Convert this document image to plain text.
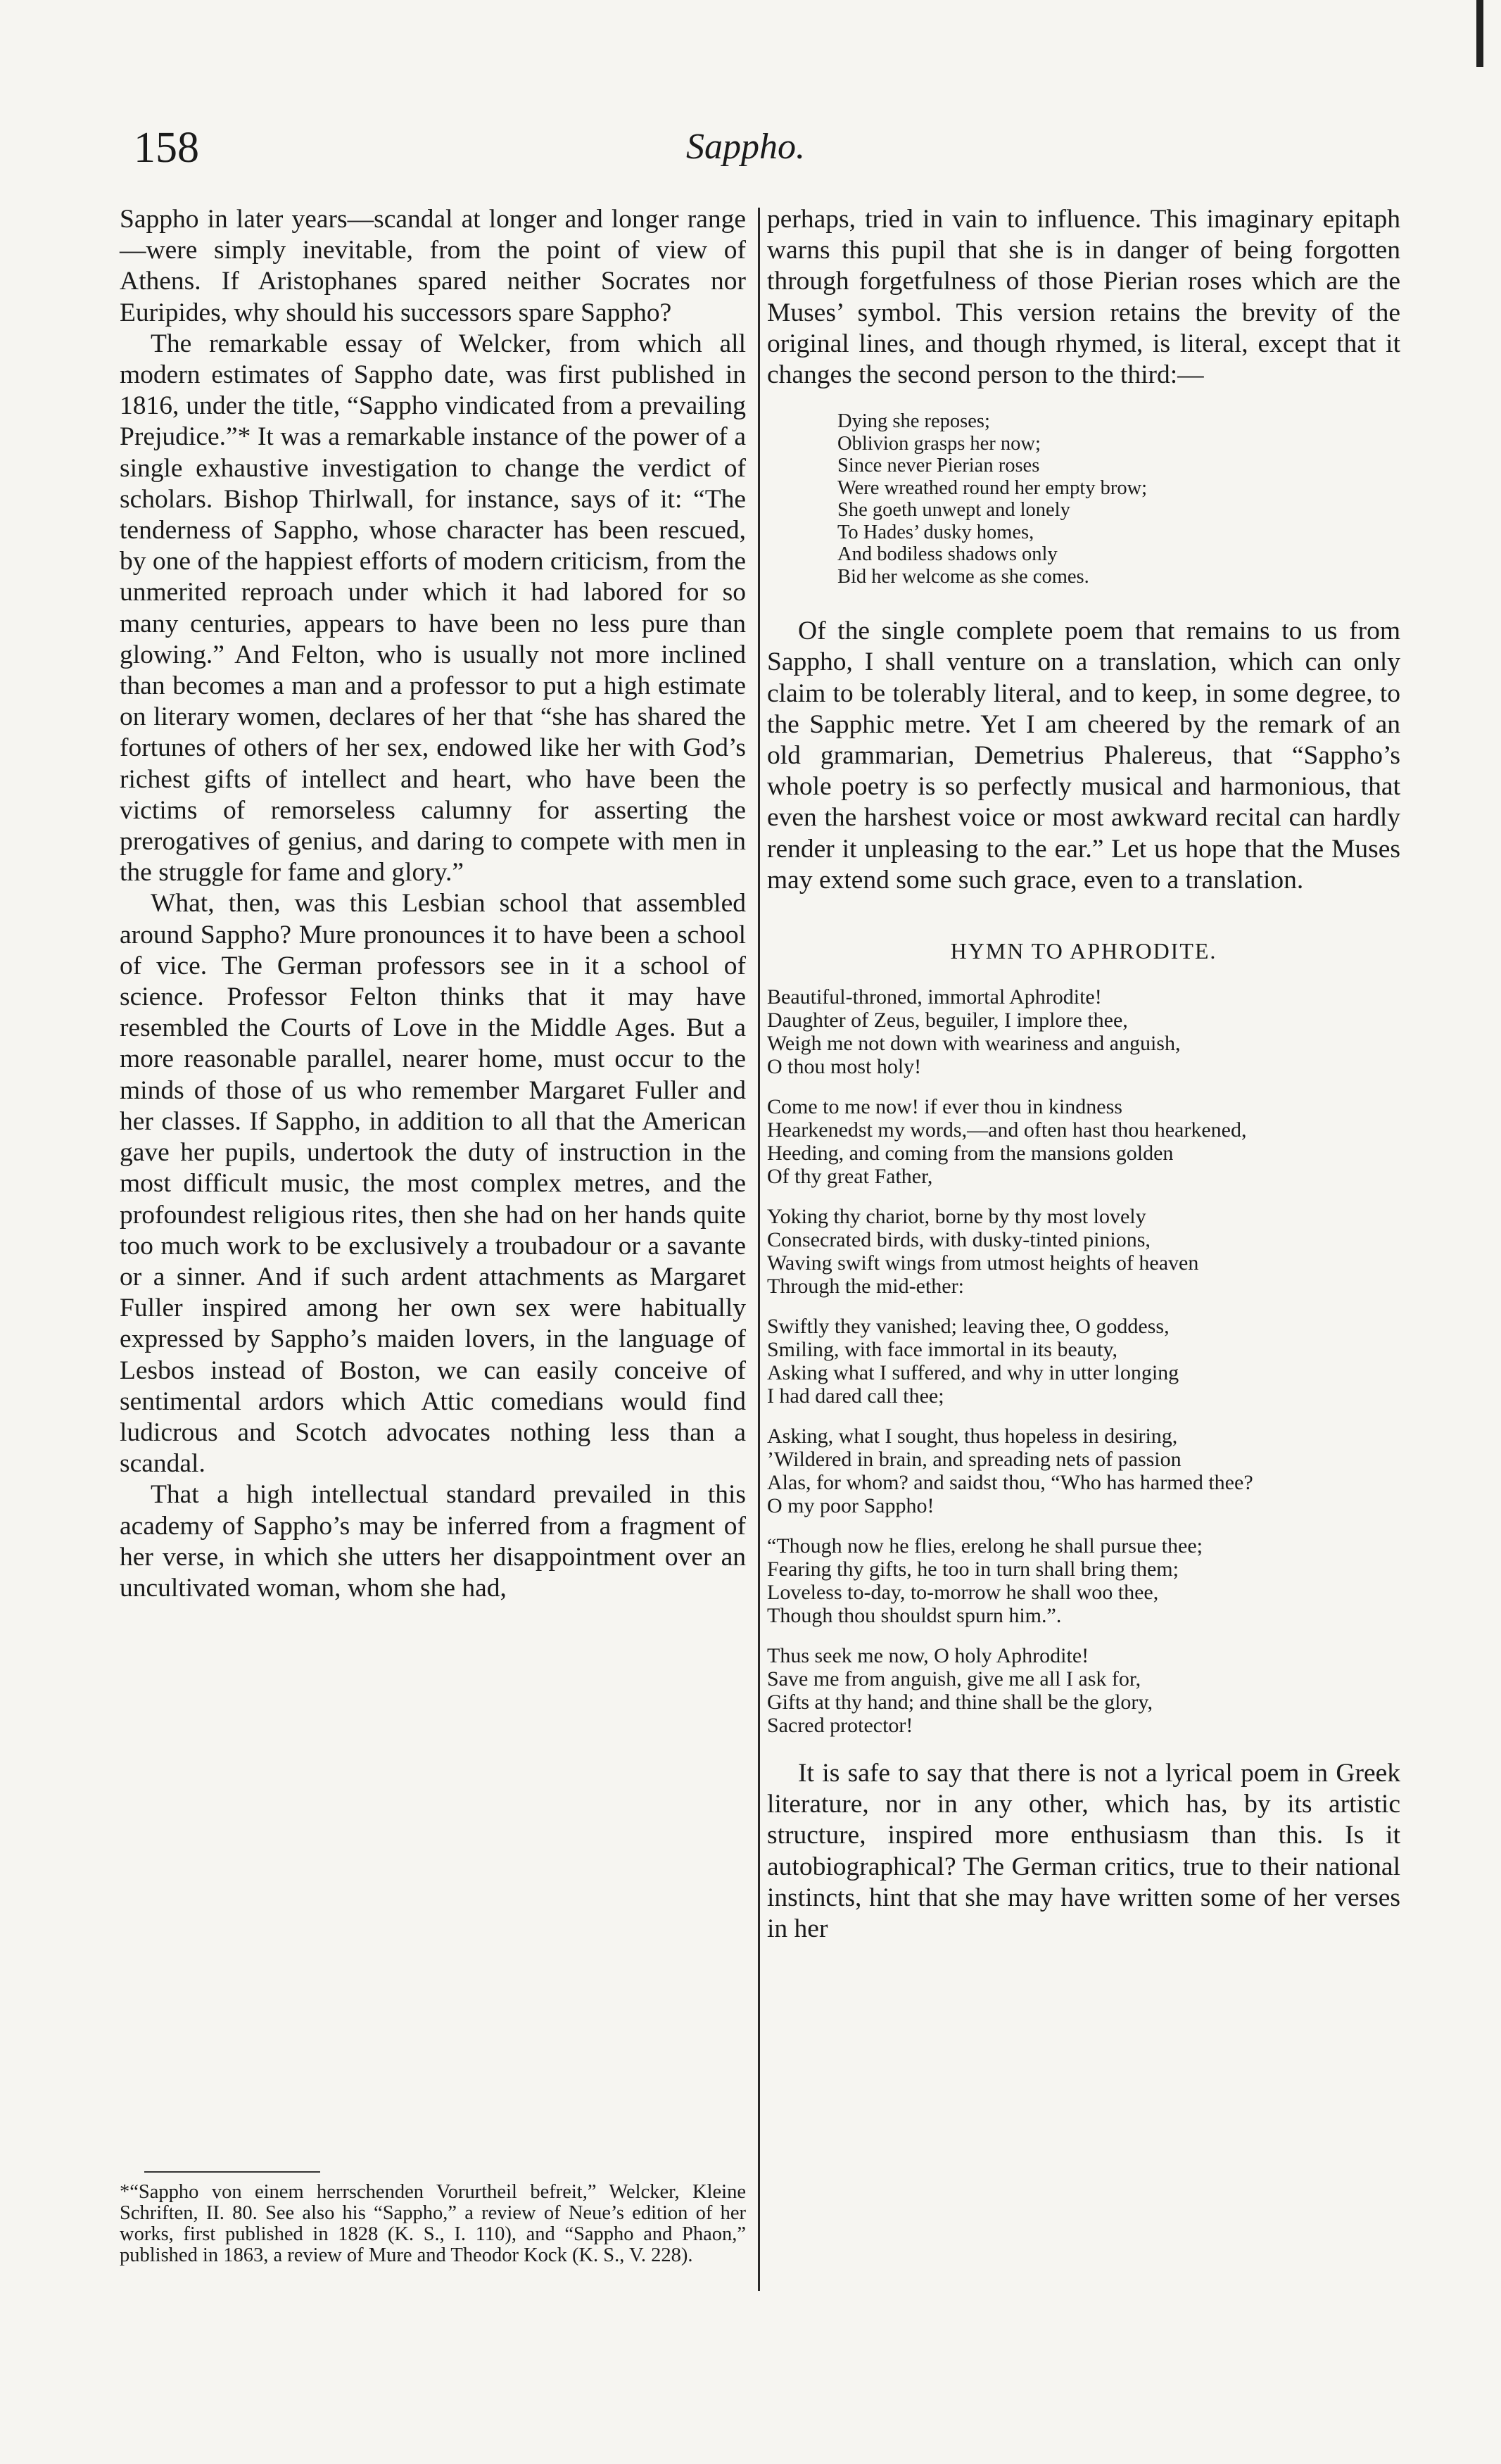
158	Sappho.

Sappho in later years—scandal at longer and longer range—were simply inevitable, from the point of view of Athens. If Aristophanes spared neither Socrates nor Euripides, why should his successors spare Sappho?

The remarkable essay of Welcker, from which all modern estimates of Sappho date, was first published in 1816, under the title, “Sappho vindicated from a prevailing Prejudice.”* It was a remarkable instance of the power of a single exhaustive investigation to change the verdict of scholars. Bishop Thirlwall, for instance, says of it: “The tenderness of Sappho, whose character has been rescued, by one of the happiest efforts of modern criticism, from the unmerited reproach under which it had labored for so many centuries, appears to have been no less pure than glowing.” And Felton, who is usually not more inclined than becomes a man and a professor to put a high estimate on literary women, declares of her that “she has shared the fortunes of others of her sex, endowed like her with God’s richest gifts of intellect and heart, who have been the victims of remorseless calumny for asserting the prerogatives of genius, and daring to compete with men in the struggle for fame and glory.”

What, then, was this Lesbian school that assembled around Sappho? Mure pronounces it to have been a school of vice. The German professors see in it a school of science. Professor Felton thinks that it may have resembled the Courts of Love in the Middle Ages. But a more reasonable parallel, nearer home, must occur to the minds of those of us who remember Margaret Fuller and her classes. If Sappho, in addition to all that the American gave her pupils, undertook the duty of instruction in the most difficult music, the most complex metres, and the profoundest religious rites, then she had on her hands quite too much work to be exclusively a troubadour or a savante or a sinner. And if such ardent attachments as Margaret Fuller inspired among her own sex were habitually expressed by Sappho’s maiden lovers, in the language of Lesbos instead of Boston, we can easily conceive of sentimental ardors which Attic comedians would find ludicrous and Scotch advocates nothing less than a scandal.

That a high intellectual standard prevailed in this academy of Sappho’s may be inferred from a fragment of her verse, in which she utters her disappointment over an uncultivated woman, whom she had,

*“Sappho von einem herrschenden Vorurtheil befreit,” Welcker, Kleine Schriften, II. 80. See also his “Sappho,” a review of Neue’s edition of her works, first published in 1828 (K. S., I. 110), and “Sappho and Phaon,” published in 1863, a review of Mure and Theodor Kock (K. S., V. 228).

perhaps, tried in vain to influence. This imaginary epitaph warns this pupil that she is in danger of being forgotten through forgetfulness of those Pierian roses which are the Muses’ symbol. This version retains the brevity of the original lines, and though rhymed, is literal, except that it changes the second person to the third:—

Dying she reposes;
Oblivion grasps her now;
Since never Pierian roses
Were wreathed round her empty brow;
She goeth unwept and lonely
To Hades’ dusky homes,
And bodiless shadows only
Bid her welcome as she comes.

Of the single complete poem that remains to us from Sappho, I shall venture on a translation, which can only claim to be tolerably literal, and to keep, in some degree, to the Sapphic metre. Yet I am cheered by the remark of an old grammarian, Demetrius Phalereus, that “Sappho’s whole poetry is so perfectly musical and harmonious, that even the harshest voice or most awkward recital can hardly render it unpleasing to the ear.” Let us hope that the Muses may extend some such grace, even to a translation.

HYMN TO APHRODITE.
Beautiful-throned, immortal Aphrodite!
Daughter of Zeus, beguiler, I implore thee,
Weigh me not down with weariness and anguish,
O thou most holy!
Come to me now! if ever thou in kindness
Hearkenedst my words,—and often hast thou hearkened,
Heeding, and coming from the mansions golden
Of thy great Father,
Yoking thy chariot, borne by thy most lovely
Consecrated birds, with dusky-tinted pinions,
Waving swift wings from utmost heights of heaven
Through the mid-ether:
Swiftly they vanished; leaving thee, O goddess,
Smiling, with face immortal in its beauty,
Asking what I suffered, and why in utter longing
I had dared call thee;
Asking, what I sought, thus hopeless in desiring,
’Wildered in brain, and spreading nets of passion
Alas, for whom? and saidst thou, “Who has harmed thee?
O my poor Sappho!
“Though now he flies, erelong he shall pursue thee;
Fearing thy gifts, he too in turn shall bring them;
Loveless to-day, to-morrow he shall woo thee,
Though thou shouldst spurn him.”.
Thus seek me now, O holy Aphrodite!
Save me from anguish, give me all I ask for,
Gifts at thy hand; and thine shall be the glory,
Sacred protector!

It is safe to say that there is not a lyrical poem in Greek literature, nor in any other, which has, by its artistic structure, inspired more enthusiasm than this. Is it autobiographical? The German critics, true to their national instincts, hint that she may have written some of her verses in her
